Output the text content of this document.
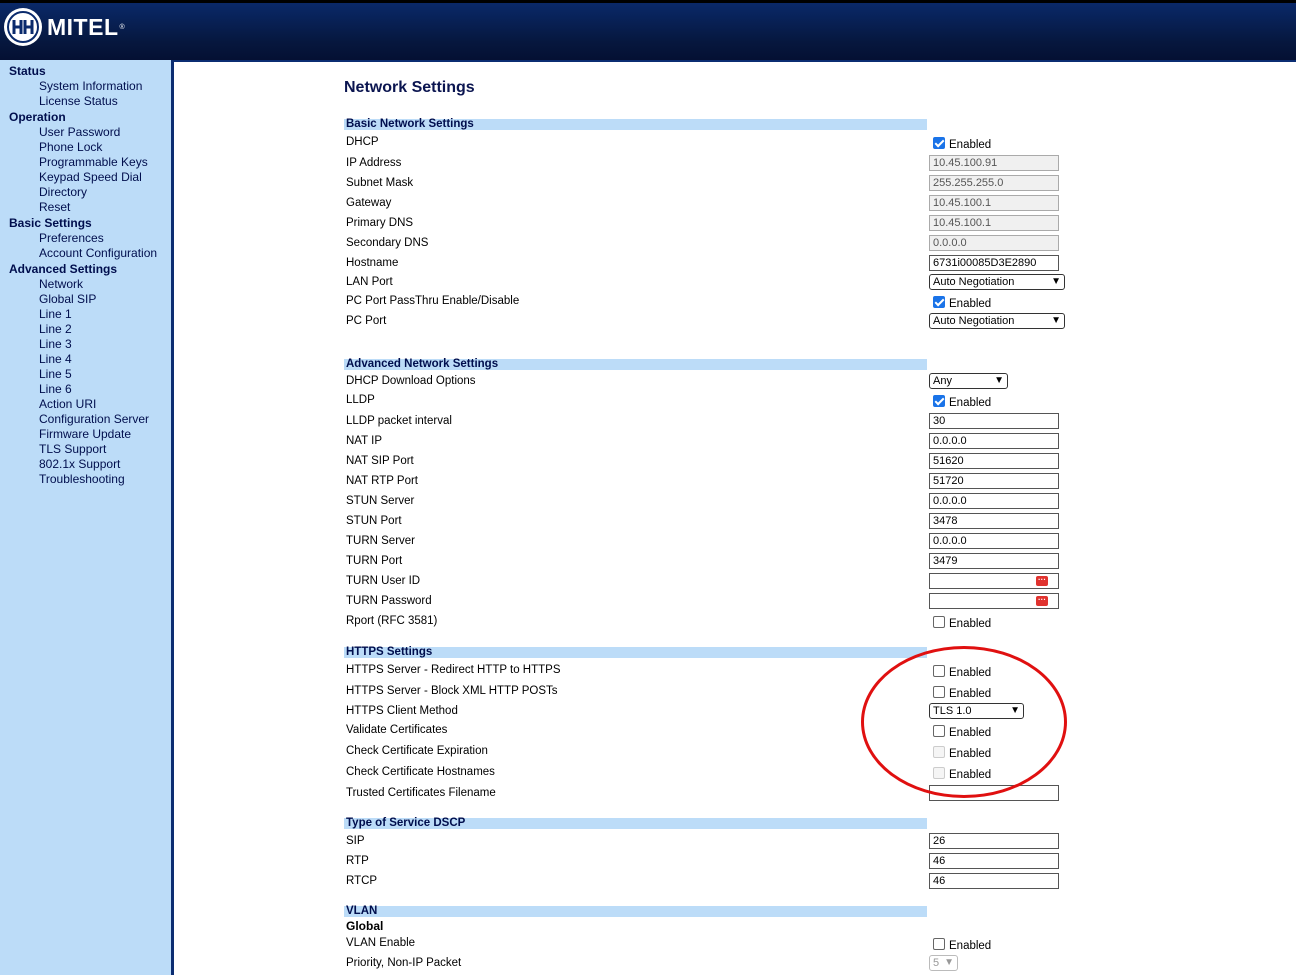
MITEL ®
Status
System Information
License Status
Operation
User Password
Phone Lock
Programmable Keys
Keypad Speed Dial
Directory
Reset
Basic Settings
Preferences
Account Configuration
Advanced Settings
Network
Global SIP
Line 1
Line 2
Line 3
Line 4
Line 5
Line 6
Action URI
Configuration Server
Firmware Update
TLS Support
802.1x Support
Troubleshooting
Network Settings
Basic Network Settings
DHCP	Enabled
IP Address	10.45.100.91
Subnet Mask	255.255.255.0
Gateway	10.45.100.1
Primary DNS	10.45.100.1
Secondary DNS	0.0.0.0
Hostname	6731i00085D3E2890
LAN Port	Auto Negotiation	▼
PC Port PassThru Enable/Disable	Enabled
PC Port	Auto Negotiation	▼
Advanced Network Settings
DHCP Download Options	Any	▼
LLDP	Enabled
LLDP packet interval	30
NAT IP	0.0.0.0
NAT SIP Port	51620
NAT RTP Port	51720
STUN Server	0.0.0.0
STUN Port	3478
TURN Server	0.0.0.0
TURN Port	3479
TURN User ID	···
TURN Password	···
Rport (RFC 3581)	Enabled
HTTPS Settings
HTTPS Server - Redirect HTTP to HTTPS	Enabled
HTTPS Server - Block XML HTTP POSTs	Enabled
HTTPS Client Method	TLS 1.0	▼
Validate Certificates	Enabled
Check Certificate Expiration	Enabled
Check Certificate Hostnames	Enabled
Trusted Certificates Filename
Type of Service DSCP
SIP	26
RTP	46
RTCP	46
VLAN
Global
VLAN Enable	Enabled
Priority, Non-IP Packet	5 ▼
